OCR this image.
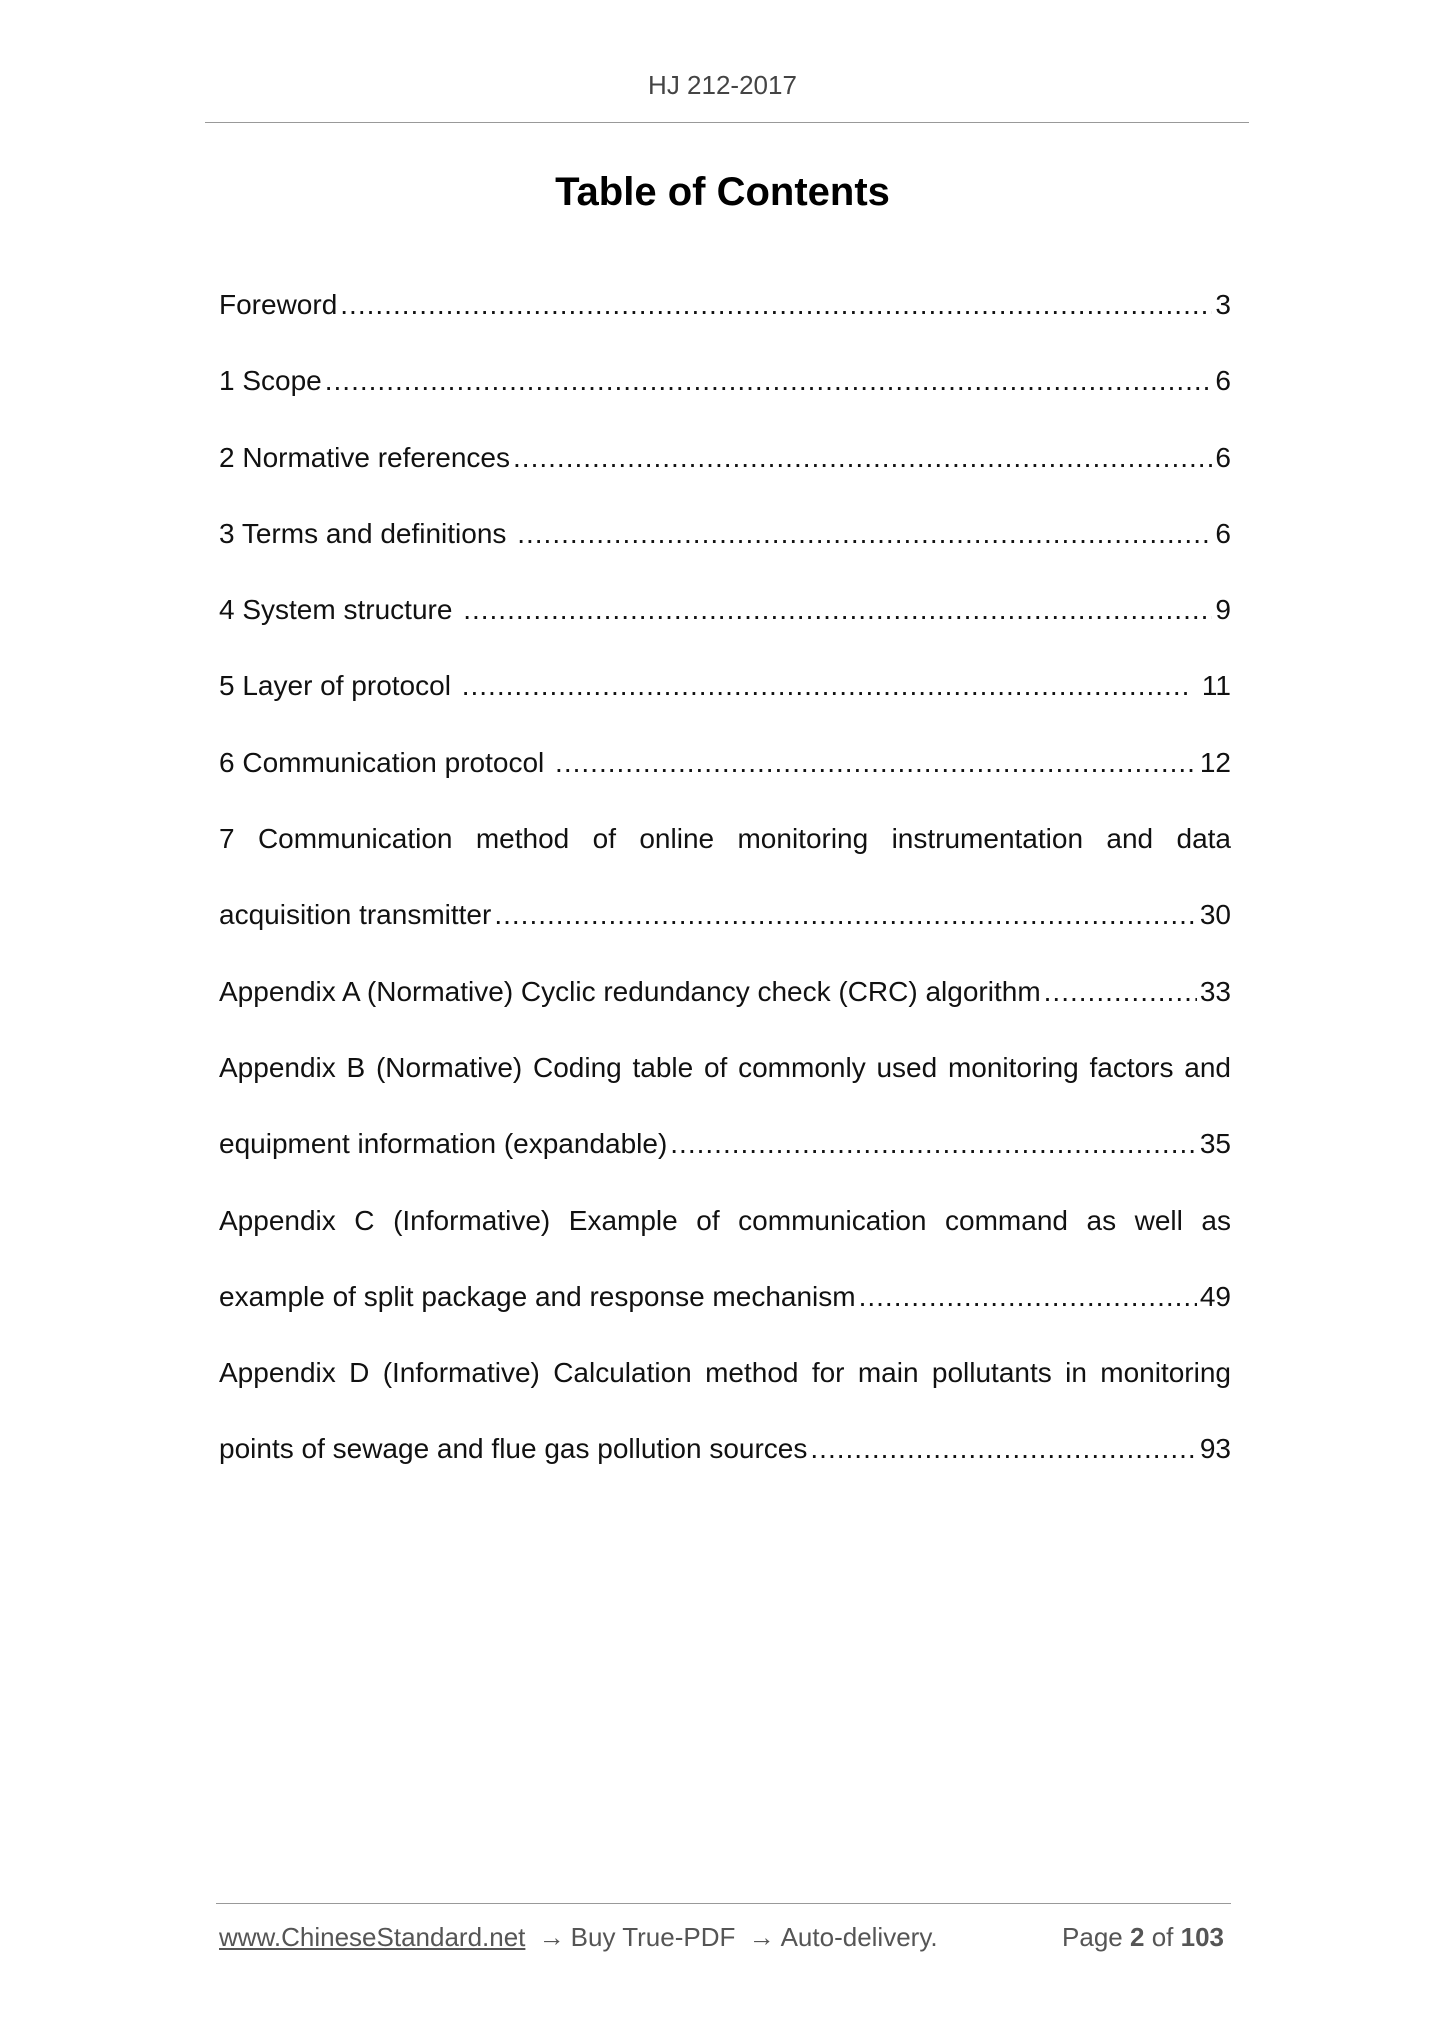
HJ 212-2017
Table of Contents
Foreword .....	3
1 Scope .....	6
2 Normative references .....	6
3 Terms and definitions .....	6
4 System structure .....	9
5 Layer of protocol .....	11
6 Communication protocol .....	12
7 Communication method of online monitoring instrumentation and data
acquisition transmitter .....	30
Appendix A (Normative) Cyclic redundancy check (CRC) algorithm .....	33
Appendix B (Normative) Coding table of commonly used monitoring factors and
equipment information (expandable) .....	35
Appendix C (Informative) Example of communication command as well as
example of split package and response mechanism .....	49
Appendix D (Informative) Calculation method for main pollutants in monitoring
points of sewage and flue gas pollution sources .....	93
www.ChineseStandard.net → Buy True-PDF → Auto-delivery.	Page 2 of 103
